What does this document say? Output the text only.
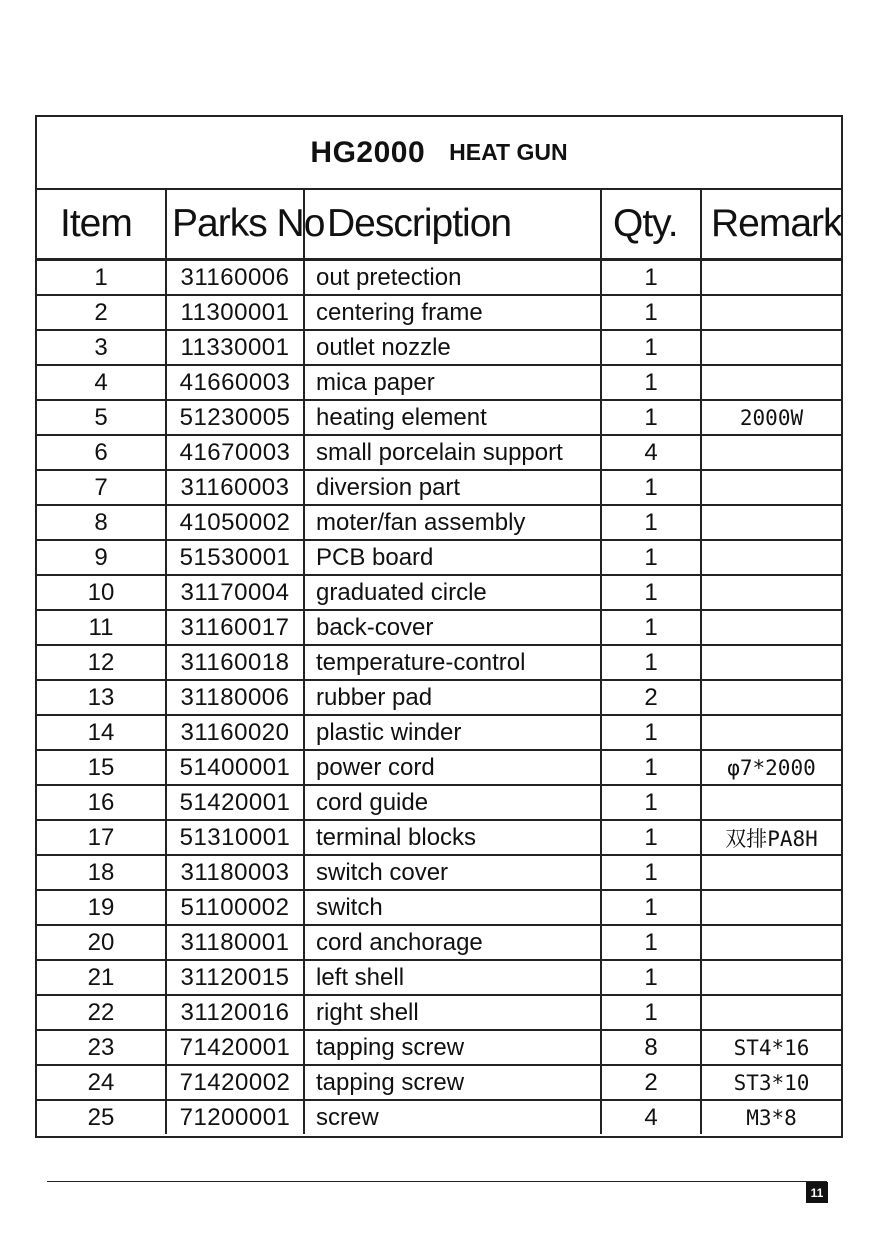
HG2000 HEAT GUN
Item	Parks No	Description	Qty.	Remark
1	31160006	out pretection	1	
2	11300001	centering frame	1	
3	11330001	outlet nozzle	1	
4	41660003	mica paper	1	
5	51230005	heating element	1	2000W
6	41670003	small porcelain support	4	
7	31160003	diversion part	1	
8	41050002	moter/fan assembly	1	
9	51530001	PCB board	1	
10	31170004	graduated circle	1	
11	31160017	back-cover	1	
12	31160018	temperature-control	1	
13	31180006	rubber pad	2	
14	31160020	plastic winder	1	
15	51400001	power cord	1	φ7*2000
16	51420001	cord guide	1	
17	51310001	terminal blocks	1	双排PA8H
18	31180003	switch cover	1	
19	51100002	switch	1	
20	31180001	cord anchorage	1	
21	31120015	left shell	1	
22	31120016	right shell	1	
23	71420001	tapping screw	8	ST4*16
24	71420002	tapping screw	2	ST3*10
25	71200001	screw	4	M3*8
11
